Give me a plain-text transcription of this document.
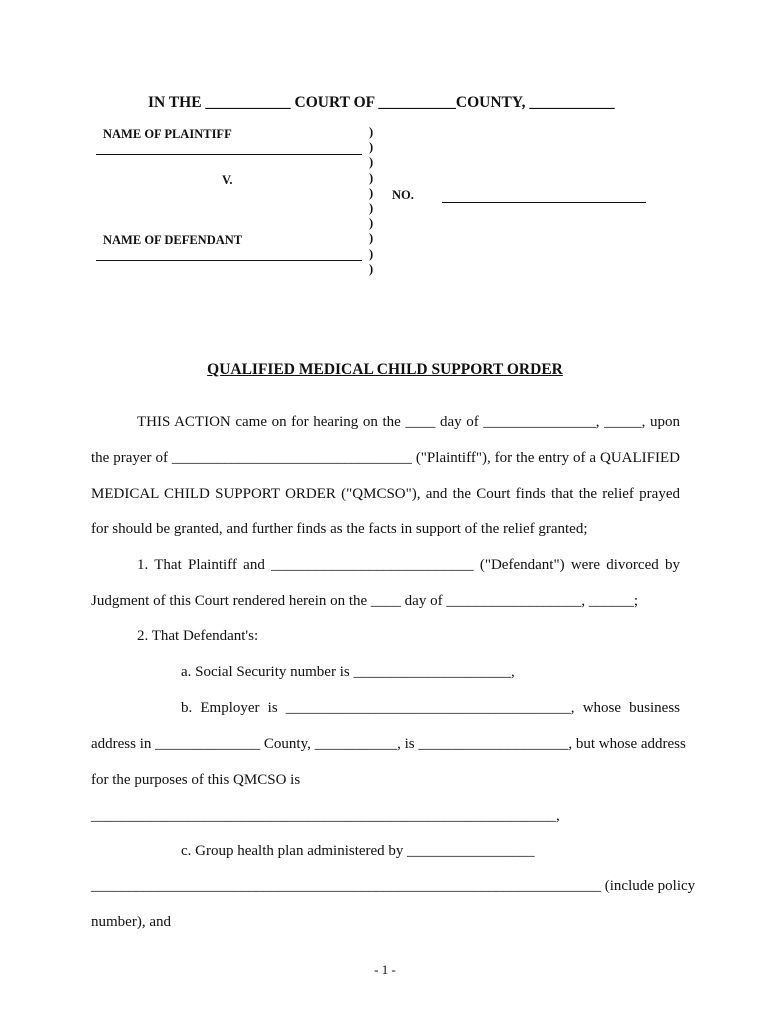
IN THE ___________ COURT OF __________COUNTY, ___________
NAME OF PLAINTIFF
V.
NAME OF DEFENDANT
)
)
)
)
)
)
)
)
)
)
NO.
QUALIFIED MEDICAL CHILD SUPPORT ORDER
THIS ACTION came on for hearing on the ____ day of _______________, _____, upon
the prayer of ________________________________ ("Plaintiff"), for the entry of a QUALIFIED
MEDICAL CHILD SUPPORT ORDER ("QMCSO"), and the Court finds that the relief prayed
for should be granted, and further finds as the facts in support of the relief granted;
1. That Plaintiff and ___________________________ ("Defendant") were divorced by
Judgment of this Court rendered herein on the ____ day of __________________, ______;
2. That Defendant's:
a. Social Security number is _____________________,
b. Employer is ______________________________________, whose business
address in ______________ County, ___________, is ____________________, but whose address
for the purposes of this QMCSO is
______________________________________________________________,
c. Group health plan administered by _________________
____________________________________________________________________ (include policy
number), and
- 1 -
